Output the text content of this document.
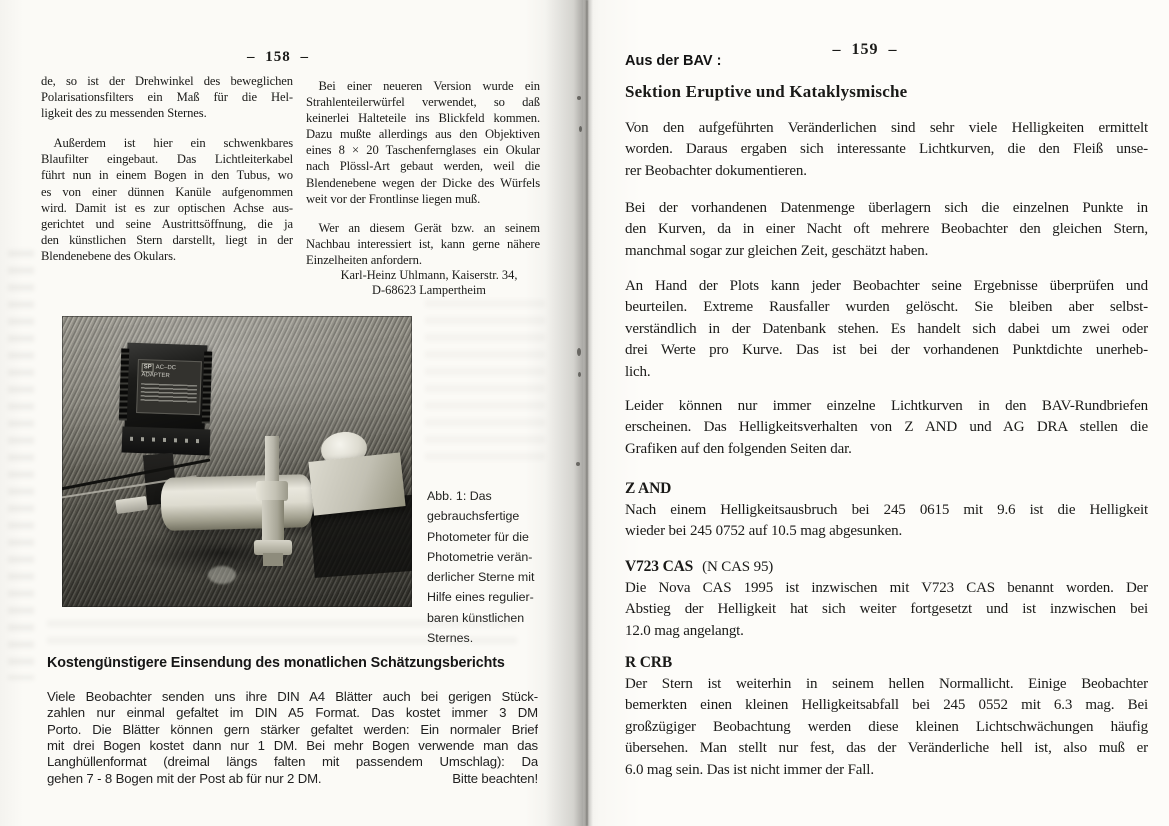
– 158 –
de, so ist der Drehwinkel des beweglichen
Polarisationsfilters ein Maß für die Hel-
ligkeit des zu messenden Sternes.
 Außerdem ist hier ein schwenkbares
Blaufilter eingebaut. Das Lichtleiterkabel
führt nun in einem Bogen in den Tubus, wo
es von einer dünnen Kanüle aufgenommen
wird. Damit ist es zur optischen Achse aus-
gerichtet und seine Austrittsöffnung, die ja
den künstlichen Stern darstellt, liegt in der
Blendenebene des Okulars.
 Bei einer neueren Version wurde ein
Strahlenteilerwürfel verwendet, so daß
keinerlei Halteteile ins Blickfeld kommen.
Dazu mußte allerdings aus den Objektiven
eines 8 × 20 Taschenfernglases ein Okular
nach Plössl-Art gebaut werden, weil die
Blendenebene wegen der Dicke des Würfels
weit vor der Frontlinse liegen muß.
 Wer an diesem Gerät bzw. an seinem
Nachbau interessiert ist, kann gerne nähere
Einzelheiten anfordern.
Karl-Heinz Uhlmann, Kaiserstr. 34,
D-68623 Lampertheim
SP AC–DC ADAPTER
Abb. 1: Das
gebrauchsfertige
Photometer für die
Photometrie verän-
derlicher Sterne mit
Hilfe eines regulier-
baren künstlichen
Sternes.
Kostengünstigere Einsendung des monatlichen Schätzungsberichts
Viele Beobachter senden uns ihre DIN A4 Blätter auch bei gerigen Stück-
zahlen nur einmal gefaltet im DIN A5 Format. Das kostet immer 3 DM
Porto. Die Blätter können gern stärker gefaltet werden: Ein normaler Brief
mit drei Bogen kostet dann nur 1 DM. Bei mehr Bogen verwende man das
Langhüllenformat (dreimal längs falten mit passendem Umschlag): Da
gehen 7 - 8 Bogen mit der Post ab für nur 2 DM.	Bitte beachten!
– 159 –
Aus der BAV :
Sektion Eruptive und Kataklysmische
Von den aufgeführten Veränderlichen sind sehr viele Helligkeiten ermittelt
worden. Daraus ergaben sich interessante Lichtkurven, die den Fleiß unse-
rer Beobachter dokumentieren.
Bei der vorhandenen Datenmenge überlagern sich die einzelnen Punkte in
den Kurven, da in einer Nacht oft mehrere Beobachter den gleichen Stern,
manchmal sogar zur gleichen Zeit, geschätzt haben.
An Hand der Plots kann jeder Beobachter seine Ergebnisse überprüfen und
beurteilen. Extreme Rausfaller wurden gelöscht. Sie bleiben aber selbst-
verständlich in der Datenbank stehen. Es handelt sich dabei um zwei oder
drei Werte pro Kurve. Das ist bei der vorhandenen Punktdichte unerheb-
lich.
Leider können nur immer einzelne Lichtkurven in den BAV-Rundbriefen
erscheinen. Das Helligkeitsverhalten von Z AND und AG DRA stellen die
Grafiken auf den folgenden Seiten dar.
Z AND
Nach einem Helligkeitsausbruch bei 245 0615 mit 9.6 ist die Helligkeit
wieder bei 245 0752 auf 10.5 mag abgesunken.
V723 CAS (N CAS 95)
Die Nova CAS 1995 ist inzwischen mit V723 CAS benannt worden. Der
Abstieg der Helligkeit hat sich weiter fortgesetzt und ist inzwischen bei
12.0 mag angelangt.
R CRB
Der Stern ist weiterhin in seinem hellen Normallicht. Einige Beobachter
bemerkten einen kleinen Helligkeitsabfall bei 245 0552 mit 6.3 mag. Bei
großzügiger Beobachtung werden diese kleinen Lichtschwächungen häufig
übersehen. Man stellt nur fest, das der Veränderliche hell ist, also muß er
6.0 mag sein. Das ist nicht immer der Fall.
